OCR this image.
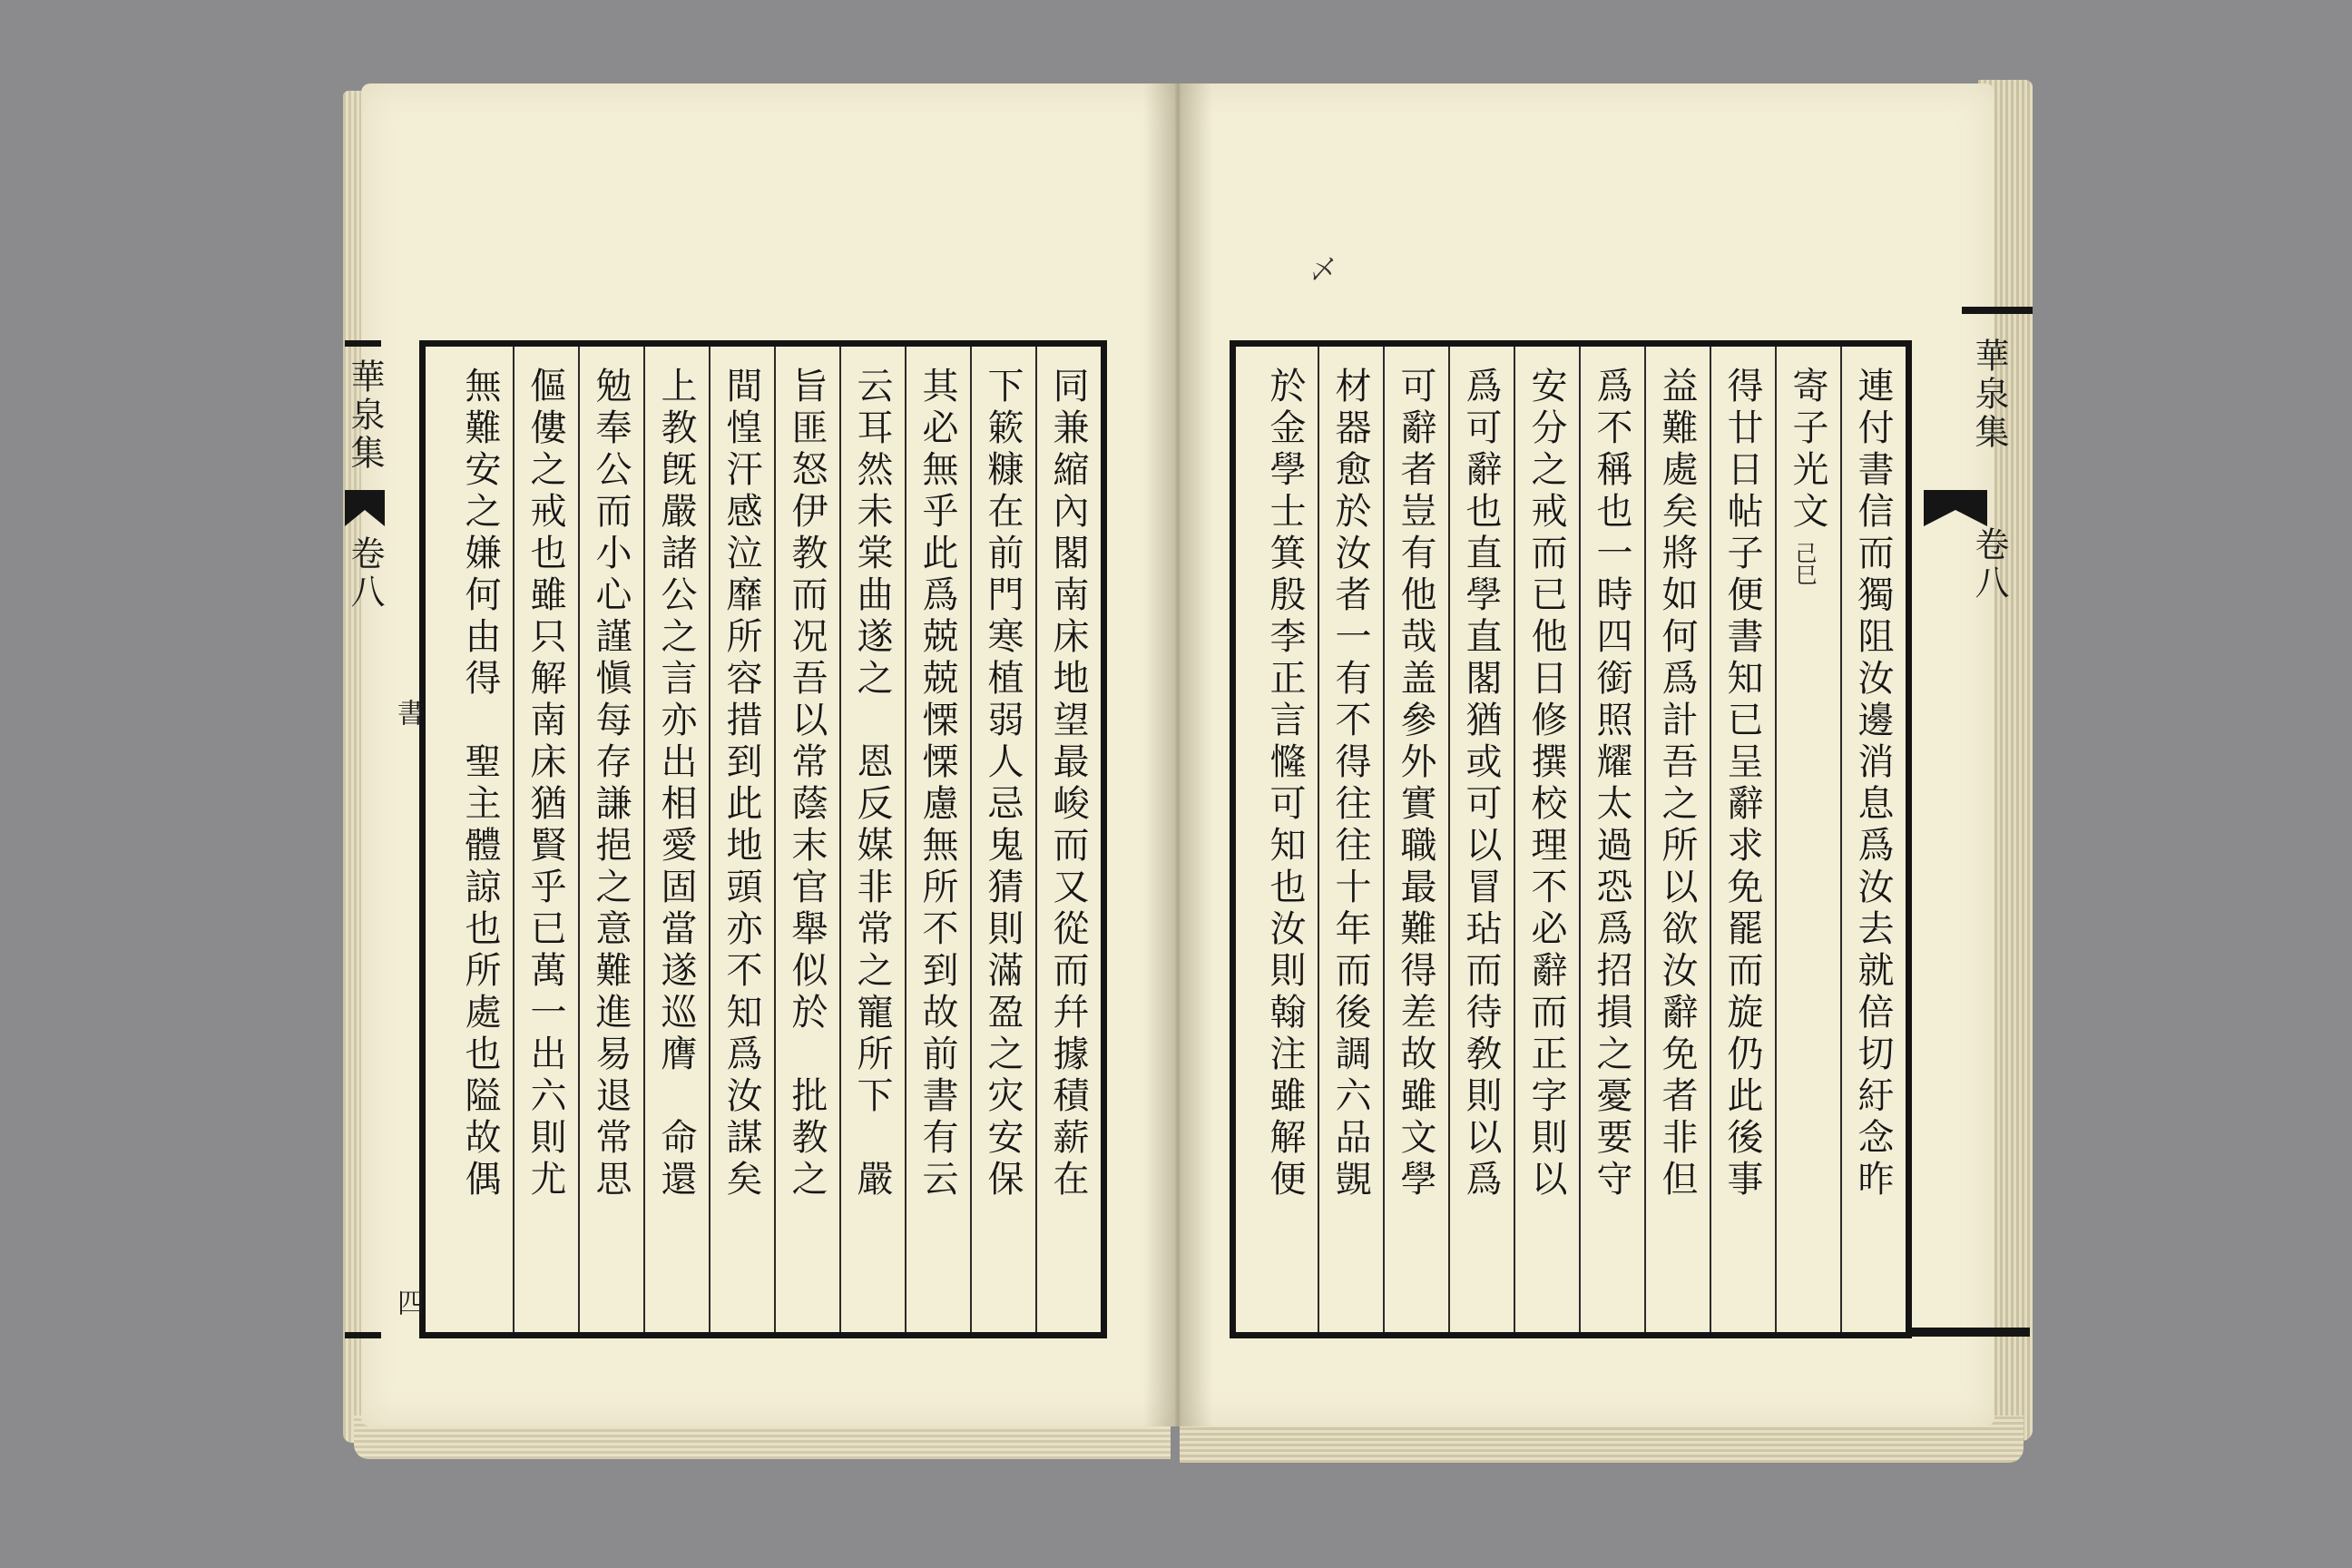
同兼縮內閣南床地望最峻而又從而幷據積薪在
下簌糠在前門寒植弱人忌鬼猜則滿盈之灾安保
其必無乎此爲兢兢慄慄慮無所不到故前書有云
云耳然未棠曲遂之　恩反媒非常之寵所下　嚴
旨匪怒伊教而况吾以常蔭末官舉似於　批教之
間惶汗感泣靡所容措到此地頭亦不知爲汝謀矣
上教旣嚴諸公之言亦出相愛固當遂巡膺　命還
勉奉公而小心謹愼每存謙挹之意難進易退常思
傴僂之戒也雖只解南床猶賢乎已萬一出六則尤
無難安之嫌何由得　聖主體諒也所處也隘故偶
華泉集
卷八
書
四
連付書信而獨阻汝邊消息爲汝去就倍切紆念昨
寄子光文
己巳
得廿日帖子便書知已呈辭求免罷而旋仍此後事
益難處矣將如何爲計吾之所以欲汝辭免者非但
爲不稱也一時四銜照耀太過恐爲招損之憂要守
安分之戒而已他日修撰校理不必辭而正字則以
爲可辭也直學直閣猶或可以冒玷而待敎則以爲
可辭者豈有他哉盖參外實職最難得差故雖文學
材器愈於汝者一有不得往往十年而後調六品覬
於金學士箕殷李正言㦕可知也汝則翰注雖解便	華泉集
卷八
乄
